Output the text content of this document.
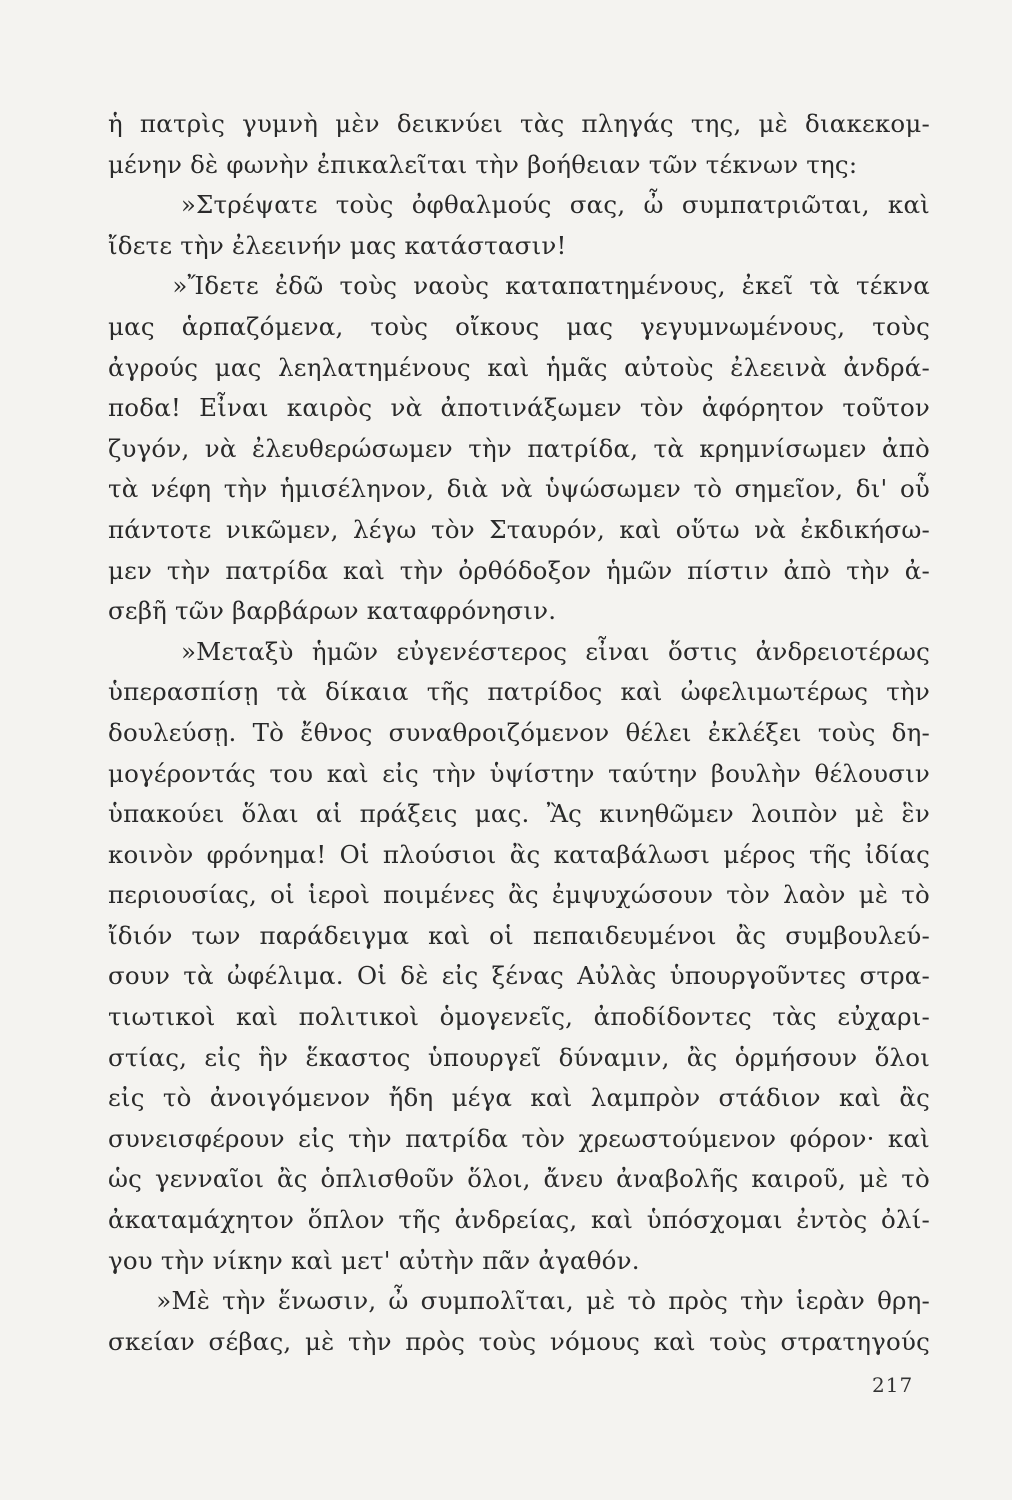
ἡ πατρὶς γυμνὴ μὲν δεικνύει τὰς πληγάς της, μὲ διακεκομ-
μένην δὲ φωνὴν ἐπικαλεῖται τὴν βοήθειαν τῶν τέκνων της:
»Στρέψατε τοὺς ὀφθαλμούς σας, ὦ συμπατριῶται, καὶ
ἴδετε τὴν ἐλεεινήν μας κατάστασιν!
»Ἴδετε ἐδῶ τοὺς ναοὺς καταπατημένους, ἐκεῖ τὰ τέκνα
μας ἁρπαζόμενα, τοὺς οἴκους μας γεγυμνωμένους, τοὺς
ἀγρούς μας λεηλατημένους καὶ ἡμᾶς αὐτοὺς ἐλεεινὰ ἀνδρά-
ποδα! Εἶναι καιρὸς νὰ ἀποτινάξωμεν τὸν ἀφόρητον τοῦτον
ζυγόν, νὰ ἐλευθερώσωμεν τὴν πατρίδα, τὰ κρημνίσωμεν ἀπὸ
τὰ νέφη τὴν ἡμισέληνον, διὰ νὰ ὑψώσωμεν τὸ σημεῖον, δι' οὗ
πάντοτε νικῶμεν, λέγω τὸν Σταυρόν, καὶ οὕτω νὰ ἐκδικήσω-
μεν τὴν πατρίδα καὶ τὴν ὀρθόδοξον ἡμῶν πίστιν ἀπὸ τὴν ἀ-
σεβῆ τῶν βαρβάρων καταφρόνησιν.
»Μεταξὺ ἡμῶν εὐγενέστερος εἶναι ὅστις ἀνδρειοτέρως
ὑπερασπίσῃ τὰ δίκαια τῆς πατρίδος καὶ ὠφελιμωτέρως τὴν
δουλεύσῃ. Τὸ ἔθνος συναθροιζόμενον θέλει ἐκλέξει τοὺς δη-
μογέροντάς του καὶ εἰς τὴν ὑψίστην ταύτην βουλὴν θέλουσιν
ὑπακούει ὅλαι αἱ πράξεις μας. Ἂς κινηθῶμεν λοιπὸν μὲ ἓν
κοινὸν φρόνημα! Οἱ πλούσιοι ἂς καταβάλωσι μέρος τῆς ἰδίας
περιουσίας, οἱ ἱεροὶ ποιμένες ἂς ἐμψυχώσουν τὸν λαὸν μὲ τὸ
ἴδιόν των παράδειγμα καὶ οἱ πεπαιδευμένοι ἂς συμβουλεύ-
σουν τὰ ὠφέλιμα. Οἱ δὲ εἰς ξένας Αὐλὰς ὑπουργοῦντες στρα-
τιωτικοὶ καὶ πολιτικοὶ ὁμογενεῖς, ἀποδίδοντες τὰς εὐχαρι-
στίας, εἰς ἣν ἕκαστος ὑπουργεῖ δύναμιν, ἂς ὁρμήσουν ὅλοι
εἰς τὸ ἀνοιγόμενον ἤδη μέγα καὶ λαμπρὸν στάδιον καὶ ἂς
συνεισφέρουν εἰς τὴν πατρίδα τὸν χρεωστούμενον φόρον· καὶ
ὡς γενναῖοι ἂς ὁπλισθοῦν ὅλοι, ἄνευ ἀναβολῆς καιροῦ, μὲ τὸ
ἀκαταμάχητον ὅπλον τῆς ἀνδρείας, καὶ ὑπόσχομαι ἐντὸς ὀλί-
γου τὴν νίκην καὶ μετ' αὐτὴν πᾶν ἀγαθόν.
»Μὲ τὴν ἕνωσιν, ὦ συμπολῖται, μὲ τὸ πρὸς τὴν ἱερὰν θρη-
σκείαν σέβας, μὲ τὴν πρὸς τοὺς νόμους καὶ τοὺς στρατηγούς
217
